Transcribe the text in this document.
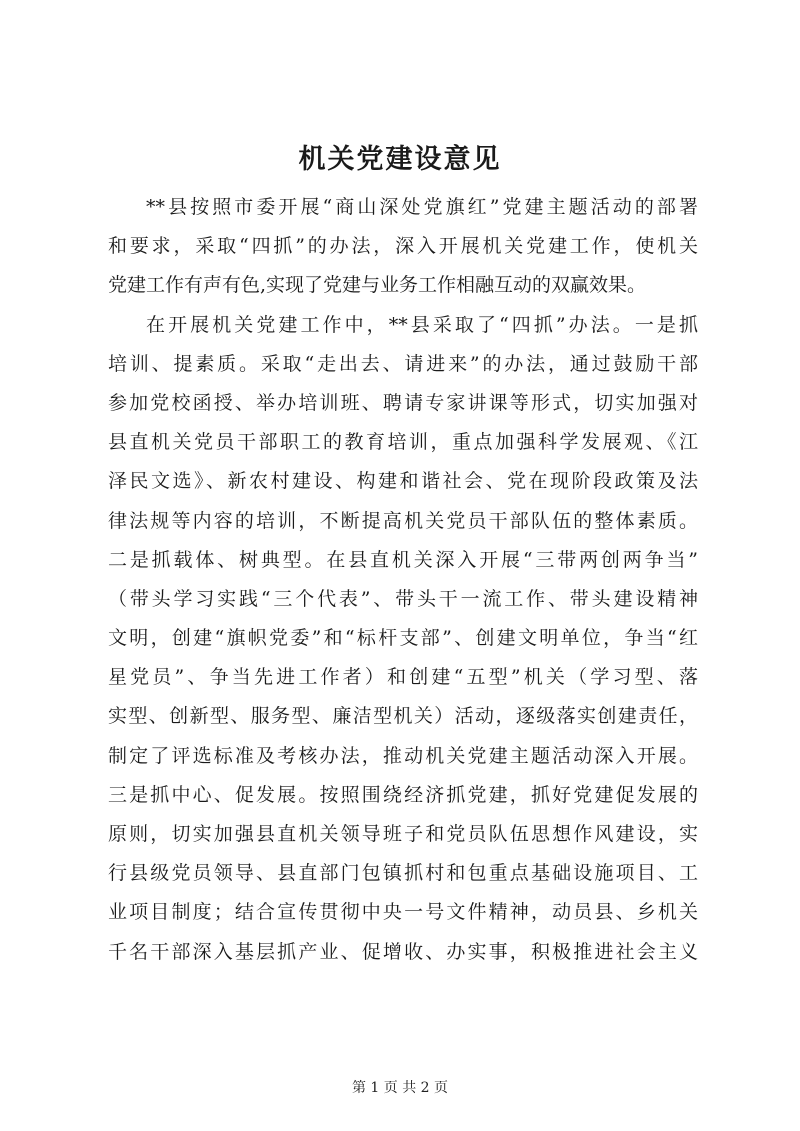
机关党建设意见
**县按照市委开展“商山深处党旗红”党建主题活动的部署
和要求，采取“四抓”的办法，深入开展机关党建工作，使机关
党建工作有声有色,实现了党建与业务工作相融互动的双赢效果。
在开展机关党建工作中，**县采取了“四抓”办法。一是抓
培训、提素质。采取“走出去、请进来”的办法，通过鼓励干部
参加党校函授、举办培训班、聘请专家讲课等形式，切实加强对
县直机关党员干部职工的教育培训，重点加强科学发展观、《江
泽民文选》、新农村建设、构建和谐社会、党在现阶段政策及法
律法规等内容的培训，不断提高机关党员干部队伍的整体素质。
二是抓载体、树典型。在县直机关深入开展“三带两创两争当”
（带头学习实践“三个代表”、带头干一流工作、带头建设精神
文明，创建“旗帜党委”和“标杆支部”、创建文明单位，争当“红
星党员”、争当先进工作者）和创建“五型”机关（学习型、落
实型、创新型、服务型、廉洁型机关）活动，逐级落实创建责任，
制定了评选标准及考核办法，推动机关党建主题活动深入开展。
三是抓中心、促发展。按照围绕经济抓党建，抓好党建促发展的
原则，切实加强县直机关领导班子和党员队伍思想作风建设，实
行县级党员领导、县直部门包镇抓村和包重点基础设施项目、工
业项目制度；结合宣传贯彻中央一号文件精神，动员县、乡机关
千名干部深入基层抓产业、促增收、办实事，积极推进社会主义
第 1 页 共 2 页
